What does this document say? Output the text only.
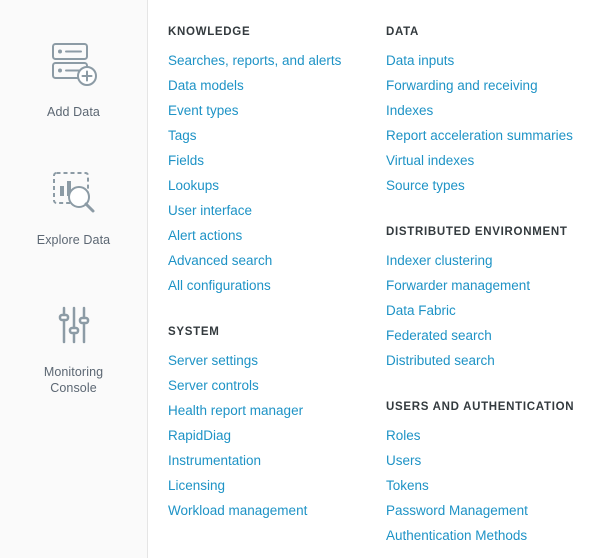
Add Data
Explore Data
Monitoring
Console
KNOWLEDGE
Searches, reports, and alerts
Data models
Event types
Tags
Fields
Lookups
User interface
Alert actions
Advanced search
All configurations
SYSTEM
Server settings
Server controls
Health report manager
RapidDiag
Instrumentation
Licensing
Workload management
DATA
Data inputs
Forwarding and receiving
Indexes
Report acceleration summaries
Virtual indexes
Source types
DISTRIBUTED ENVIRONMENT
Indexer clustering
Forwarder management
Data Fabric
Federated search
Distributed search
USERS AND AUTHENTICATION
Roles
Users
Tokens
Password Management
Authentication Methods
